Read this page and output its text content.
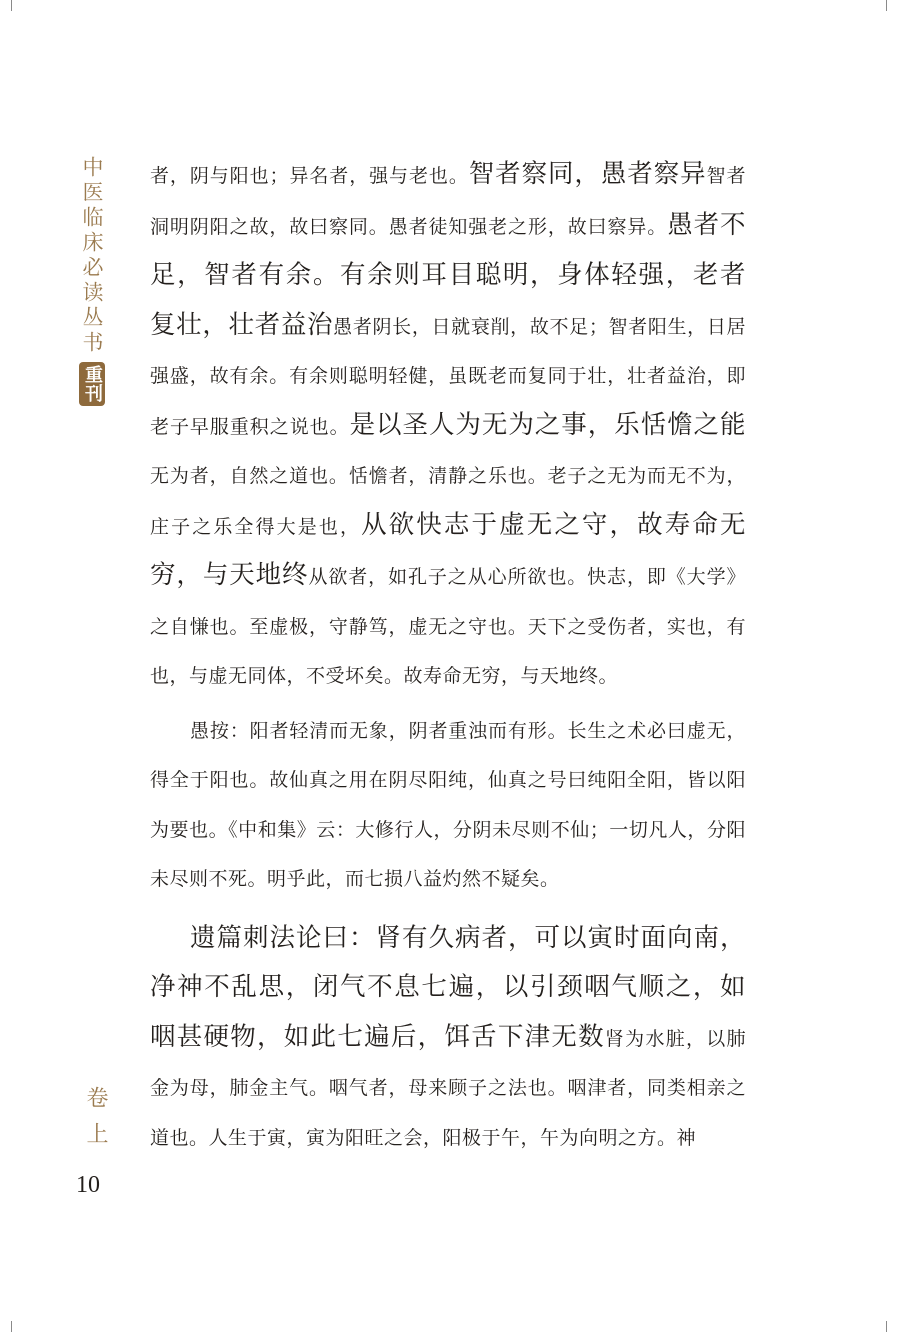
中医临床必读丛书
重刊
卷上
10

者，阴与阳也；异名者，强与老也。智者察同，愚者察异智者洞明阴阳之故，故曰察同。愚者徒知强老之形，故曰察异。愚者不足，智者有余。有余则耳目聪明，身体轻强，老者复壮，壮者益治愚者阴长，日就衰削，故不足；智者阳生，日居强盛，故有余。有余则聪明轻健，虽既老而复同于壮，壮者益治，即老子早服重积之说也。是以圣人为无为之事，乐恬憺之能无为者，自然之道也。恬憺者，清静之乐也。老子之无为而无不为，庄子之乐全得大是也，从欲快志于虚无之守，故寿命无穷，与天地终从欲者，如孔子之从心所欲也。快志，即《大学》之自慊也。至虚极，守静笃，虚无之守也。天下之受伤者，实也，有也，与虚无同体，不受坏矣。故寿命无穷，与天地终。

愚按：阳者轻清而无象，阴者重浊而有形。长生之术必曰虚无，得全于阳也。故仙真之用在阴尽阳纯，仙真之号曰纯阳全阳，皆以阳为要也。《中和集》云：大修行人，分阴未尽则不仙；一切凡人，分阳未尽则不死。明乎此，而七损八益灼然不疑矣。

遗篇刺法论曰：肾有久病者，可以寅时面向南，净神不乱思，闭气不息七遍，以引颈咽气顺之，如咽甚硬物，如此七遍后，饵舌下津无数肾为水脏，以肺金为母，肺金主气。咽气者，母来顾子之法也。咽津者，同类相亲之道也。人生于寅，寅为阳旺之会，阳极于午，午为向明之方。神
